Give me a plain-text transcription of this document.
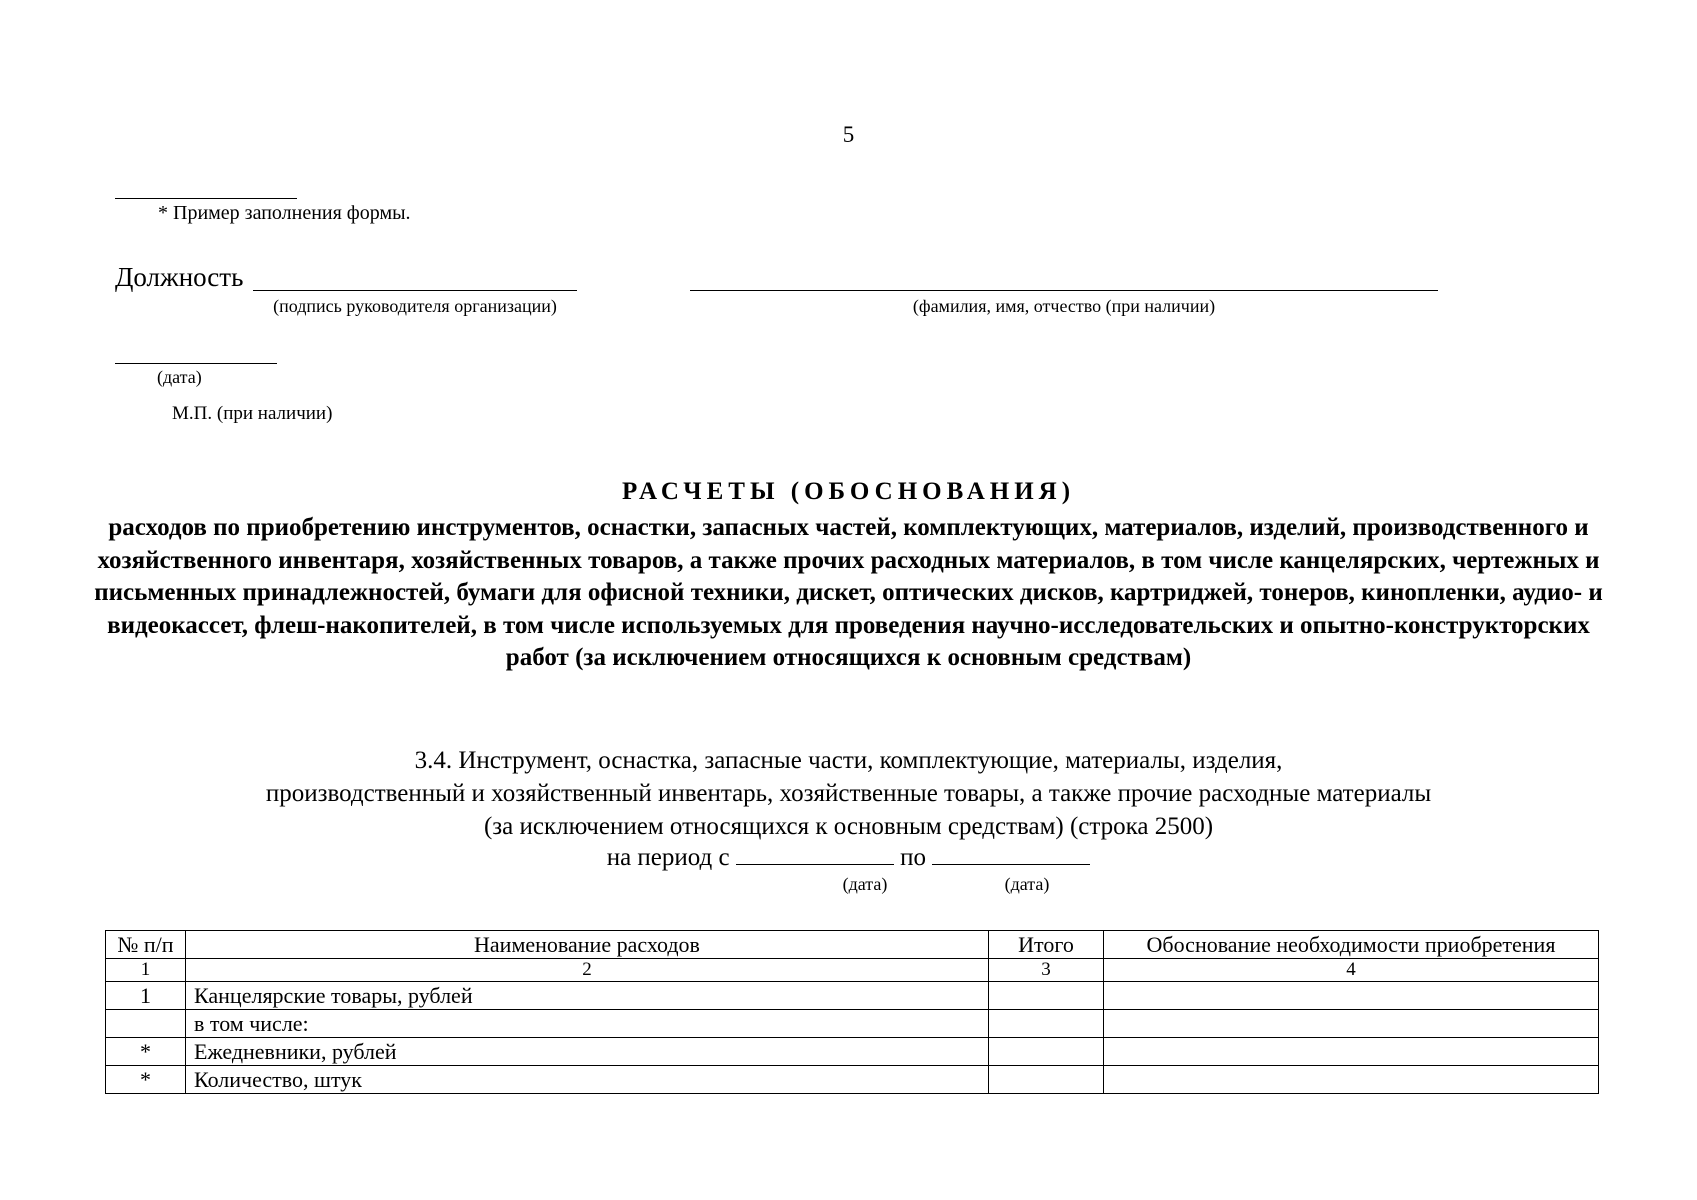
5
* Пример заполнения формы.
Должность
(подпись руководителя организации)	(фамилия, имя, отчество (при наличии)
(дата)
М.П. (при наличии)
РАСЧЕТЫ (ОБОСНОВАНИЯ)
расходов по приобретению инструментов, оснастки, запасных частей, комплектующих, материалов, изделий, производственного и хозяйственного инвентаря, хозяйственных товаров, а также прочих расходных материалов, в том числе канцелярских, чертежных и письменных принадлежностей, бумаги для офисной техники, дискет, оптических дисков, картриджей, тонеров, кинопленки, аудио- и видеокассет, флеш-накопителей, в том числе используемых для проведения научно-исследовательских и опытно-конструкторских работ (за исключением относящихся к основным средствам)
3.4. Инструмент, оснастка, запасные части, комплектующие, материалы, изделия,
производственный и хозяйственный инвентарь, хозяйственные товары, а также прочие расходные материалы
(за исключением относящихся к основным средствам) (строка 2500)
на период с	по
(дата)	(дата)
№ п/п	Наименование расходов	Итого	Обоснование необходимости приобретения
1	2	3	4
1	Канцелярские товары, рублей		
	в том числе:		
*	Ежедневники, рублей		
*	Количество, штук		
